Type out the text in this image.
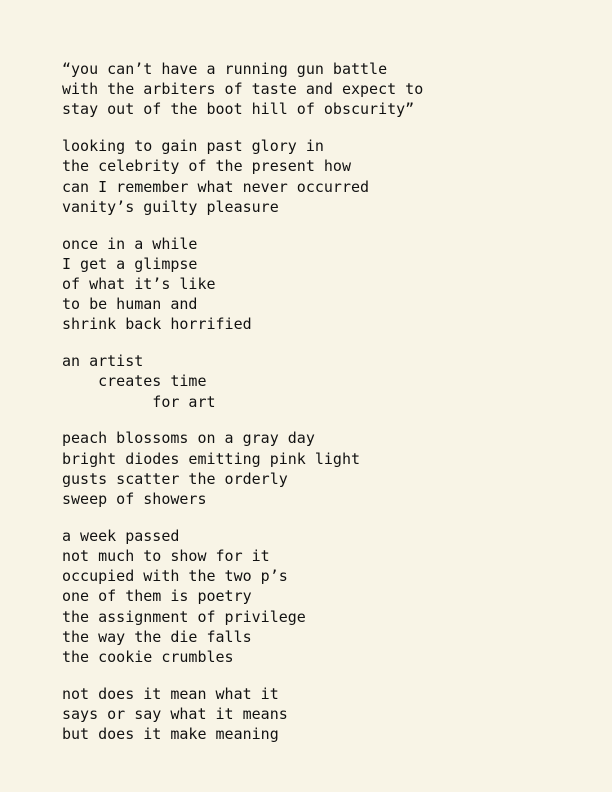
“you can’t have a running gun battle
with the arbiters of taste and expect to
stay out of the boot hill of obscurity”
looking to gain past glory in
the celebrity of the present how
can I remember what never occurred
vanity’s guilty pleasure
once in a while
I get a glimpse
of what it’s like
to be human and
shrink back horrified
an artist
creates time
for art
peach blossoms on a gray day
bright diodes emitting pink light
gusts scatter the orderly
sweep of showers
a week passed
not much to show for it
occupied with the two p’s
one of them is poetry
the assignment of privilege
the way the die falls
the cookie crumbles
not does it mean what it
says or say what it means
but does it make meaning
